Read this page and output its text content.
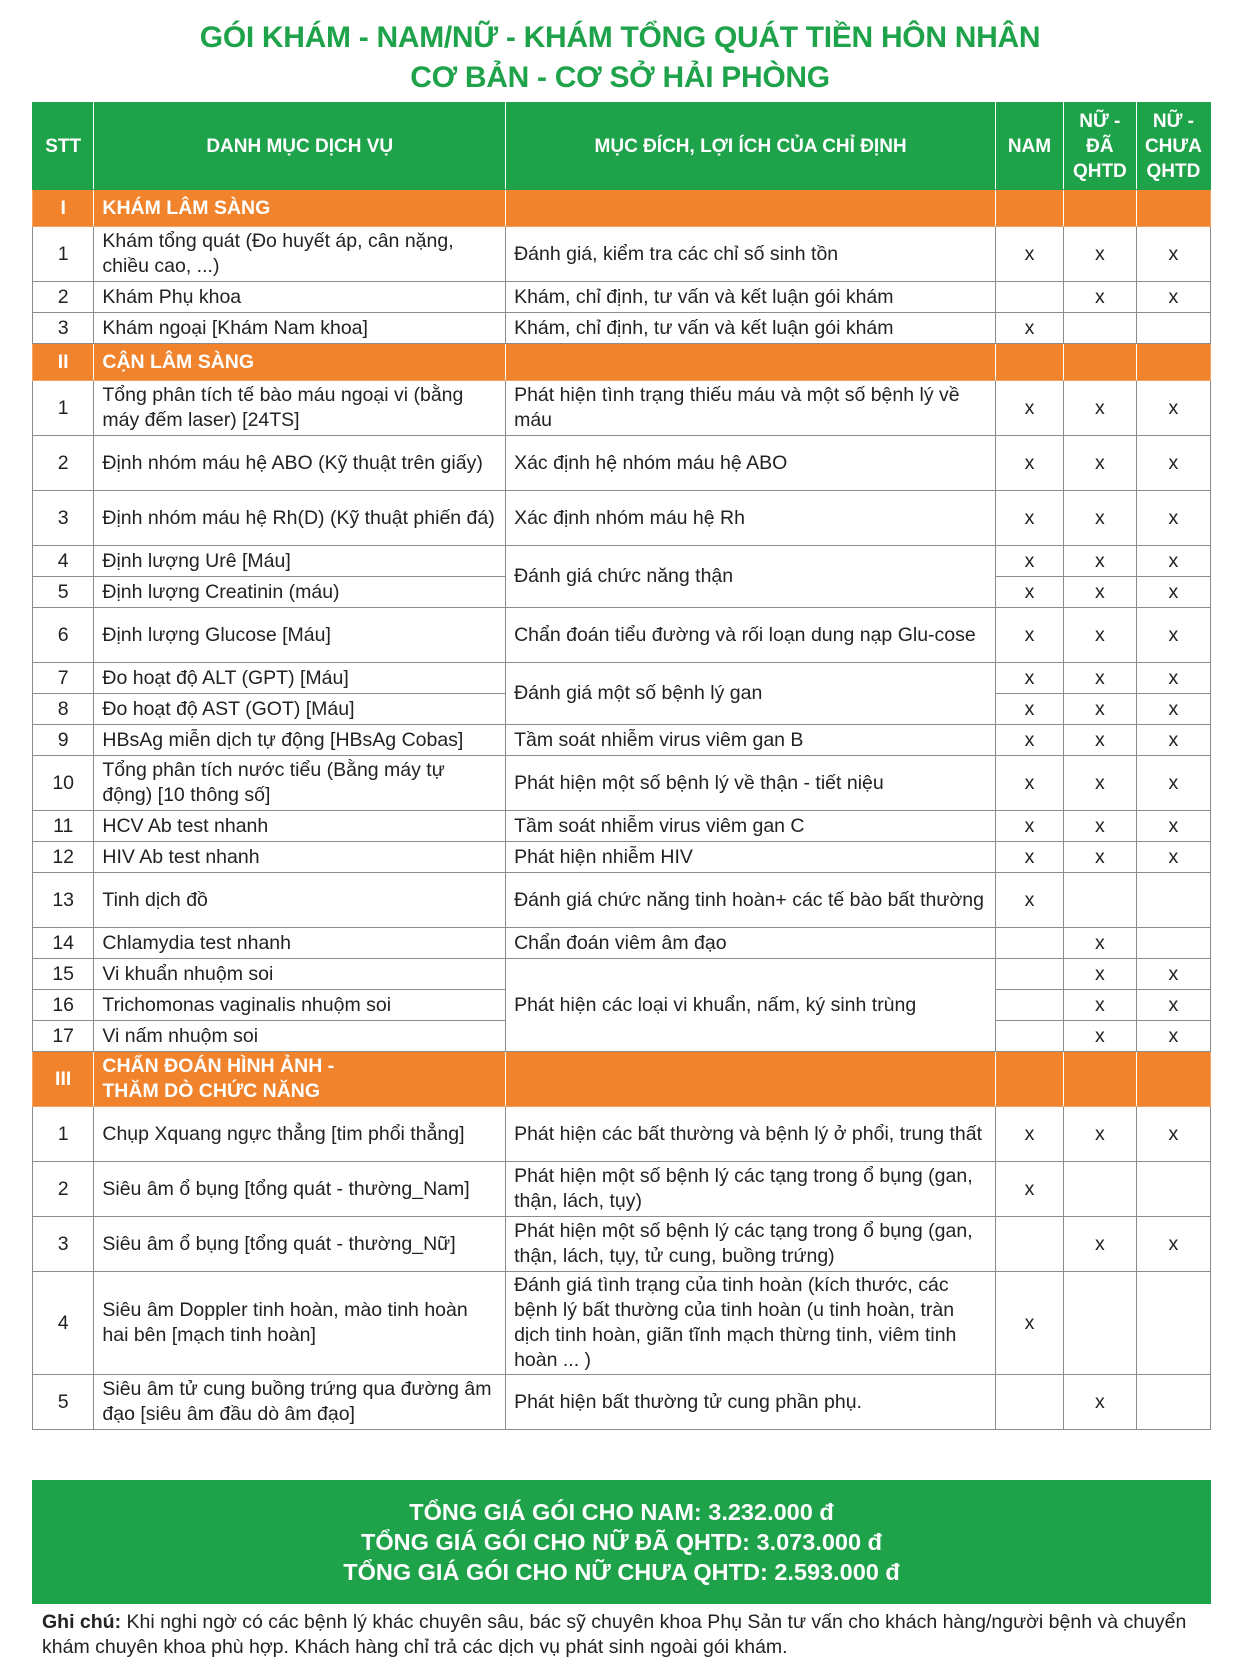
GÓI KHÁM - NAM/NỮ - KHÁM TỔNG QUÁT TIỀN HÔN NHÂN
CƠ BẢN - CƠ SỞ HẢI PHÒNG
STT	DANH MỤC DỊCH VỤ	MỤC ĐÍCH, LỢI ÍCH CỦA CHỈ ĐỊNH	NAM	NỮ - ĐÃ QHTD	NỮ - CHƯA QHTD
I	KHÁM LÂM SÀNG				
1	Khám tổng quát (Đo huyết áp, cân nặng, chiều cao, ...)	Đánh giá, kiểm tra các chỉ số sinh tồn	x	x	x
2	Khám Phụ khoa	Khám, chỉ định, tư vấn và kết luận gói khám		x	x
3	Khám ngoại [Khám Nam khoa]	Khám, chỉ định, tư vấn và kết luận gói khám	x		
II	CẬN LÂM SÀNG				
1	Tổng phân tích tế bào máu ngoại vi (bằng máy đếm laser) [24TS]	Phát hiện tình trạng thiếu máu và một số bệnh lý về máu	x	x	x
2	Định nhóm máu hệ ABO (Kỹ thuật trên giấy)	Xác định hệ nhóm máu hệ ABO	x	x	x
3	Định nhóm máu hệ Rh(D) (Kỹ thuật phiến đá)	Xác định nhóm máu hệ Rh	x	x	x
4	Định lượng Urê [Máu]	Đánh giá chức năng thận	x	x	x
5	Định lượng Creatinin (máu)		x	x	x
6	Định lượng Glucose [Máu]	Chẩn đoán tiểu đường và rối loạn dung nạp Glu-cose	x	x	x
7	Đo hoạt độ ALT (GPT) [Máu]	Đánh giá một số bệnh lý gan	x	x	x
8	Đo hoạt độ AST (GOT) [Máu]		x	x	x
9	HBsAg miễn dịch tự động [HBsAg Cobas]	Tầm soát nhiễm virus viêm gan B	x	x	x
10	Tổng phân tích nước tiểu (Bằng máy tự động) [10 thông số]	Phát hiện một số bệnh lý về thận - tiết niệu	x	x	x
11	HCV Ab test nhanh	Tầm soát nhiễm virus viêm gan C	x	x	x
12	HIV Ab test nhanh	Phát hiện nhiễm HIV	x	x	x
13	Tinh dịch đồ	Đánh giá chức năng tinh hoàn+ các tế bào bất thường	x		
14	Chlamydia test nhanh	Chẩn đoán viêm âm đạo		x	
15	Vi khuẩn nhuộm soi	Phát hiện các loại vi khuẩn, nấm, ký sinh trùng		x	x
16	Trichomonas vaginalis nhuộm soi			x	x
17	Vi nấm nhuộm soi			x	x
III	CHẨN ĐOÁN HÌNH ẢNH -
THĂM DÒ CHỨC NĂNG				

1	Chụp Xquang ngực thẳng [tim phổi thẳng]	Phát hiện các bất thường và bệnh lý ở phổi, trung thất	x	x	x
2	Siêu âm ổ bụng [tổng quát - thường_Nam]	Phát hiện một số bệnh lý các tạng trong ổ bụng (gan, thận, lách, tụy)	x		
3	Siêu âm ổ bụng [tổng quát - thường_Nữ]	Phát hiện một số bệnh lý các tạng trong ổ bụng (gan, thận, lách, tụy, tử cung, buồng trứng)		x	x
4	Siêu âm Doppler tinh hoàn, mào tinh hoàn hai bên [mạch tinh hoàn]	Đánh giá tình trạng của tinh hoàn (kích thước, các bệnh lý bất thường của tinh hoàn (u tinh hoàn, tràn dịch tinh hoàn, giãn tĩnh mạch thừng tinh, viêm tinh hoàn ... )	x		
5	Siêu âm tử cung buồng trứng qua đường âm đạo [siêu âm đầu dò âm đạo]	Phát hiện bất thường tử cung phần phụ.		x	
TỔNG GIÁ GÓI CHO NAM: 3.232.000 đ
TỔNG GIÁ GÓI CHO NỮ ĐÃ QHTD: 3.073.000 đ
TỔNG GIÁ GÓI CHO NỮ CHƯA QHTD: 2.593.000 đ
Ghi chú: Khi nghi ngờ có các bệnh lý khác chuyên sâu, bác sỹ chuyên khoa Phụ Sản tư vấn cho khách hàng/người bệnh và chuyển khám chuyên khoa phù hợp. Khách hàng chỉ trả các dịch vụ phát sinh ngoài gói khám.
